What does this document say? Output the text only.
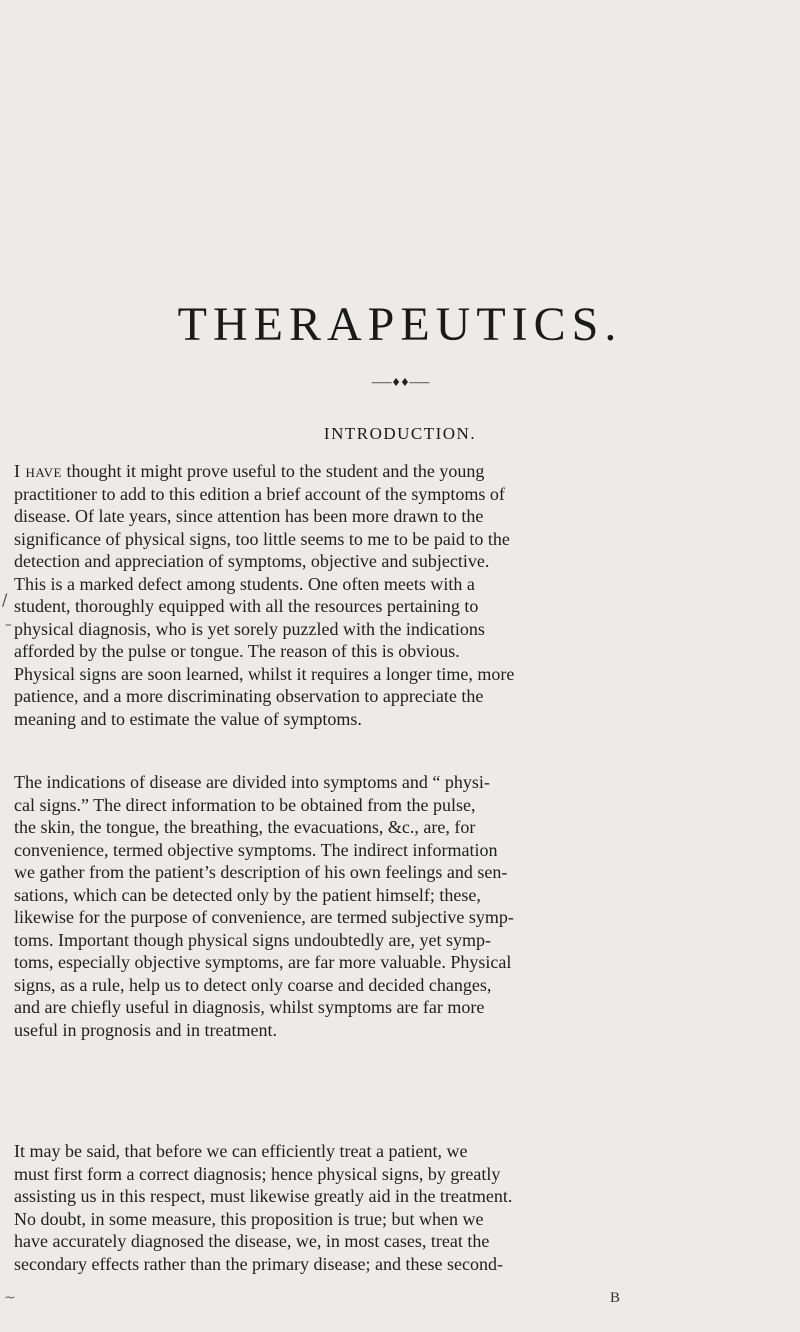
THERAPEUTICS.
——♦♦——
INTRODUCTION.
I have thought it might prove useful to the student and the young
practitioner to add to this edition a brief account of the symptoms of
disease. Of late years, since attention has been more drawn to the
significance of physical signs, too little seems to me to be paid to the
detection and appreciation of symptoms, objective and subjective.
This is a marked defect among students. One often meets with a
student, thoroughly equipped with all the resources pertaining to
physical diagnosis, who is yet sorely puzzled with the indications
afforded by the pulse or tongue. The reason of this is obvious.
Physical signs are soon learned, whilst it requires a longer time, more
patience, and a more discriminating observation to appreciate the
meaning and to estimate the value of symptoms.
The indications of disease are divided into symptoms and “ physi-
cal signs.” The direct information to be obtained from the pulse,
the skin, the tongue, the breathing, the evacuations, &c., are, for
convenience, termed objective symptoms. The indirect information
we gather from the patient’s description of his own feelings and sen-
sations, which can be detected only by the patient himself; these,
likewise for the purpose of convenience, are termed subjective symp-
toms. Important though physical signs undoubtedly are, yet symp-
toms, especially objective symptoms, are far more valuable. Physical
signs, as a rule, help us to detect only coarse and decided changes,
and are chiefly useful in diagnosis, whilst symptoms are far more
useful in prognosis and in treatment.
It may be said, that before we can efficiently treat a patient, we
must first form a correct diagnosis; hence physical signs, by greatly
assisting us in this respect, must likewise greatly aid in the treatment.
No doubt, in some measure, this proposition is true; but when we
have accurately diagnosed the disease, we, in most cases, treat the
secondary effects rather than the primary disease; and these second-
/
–
~	B
